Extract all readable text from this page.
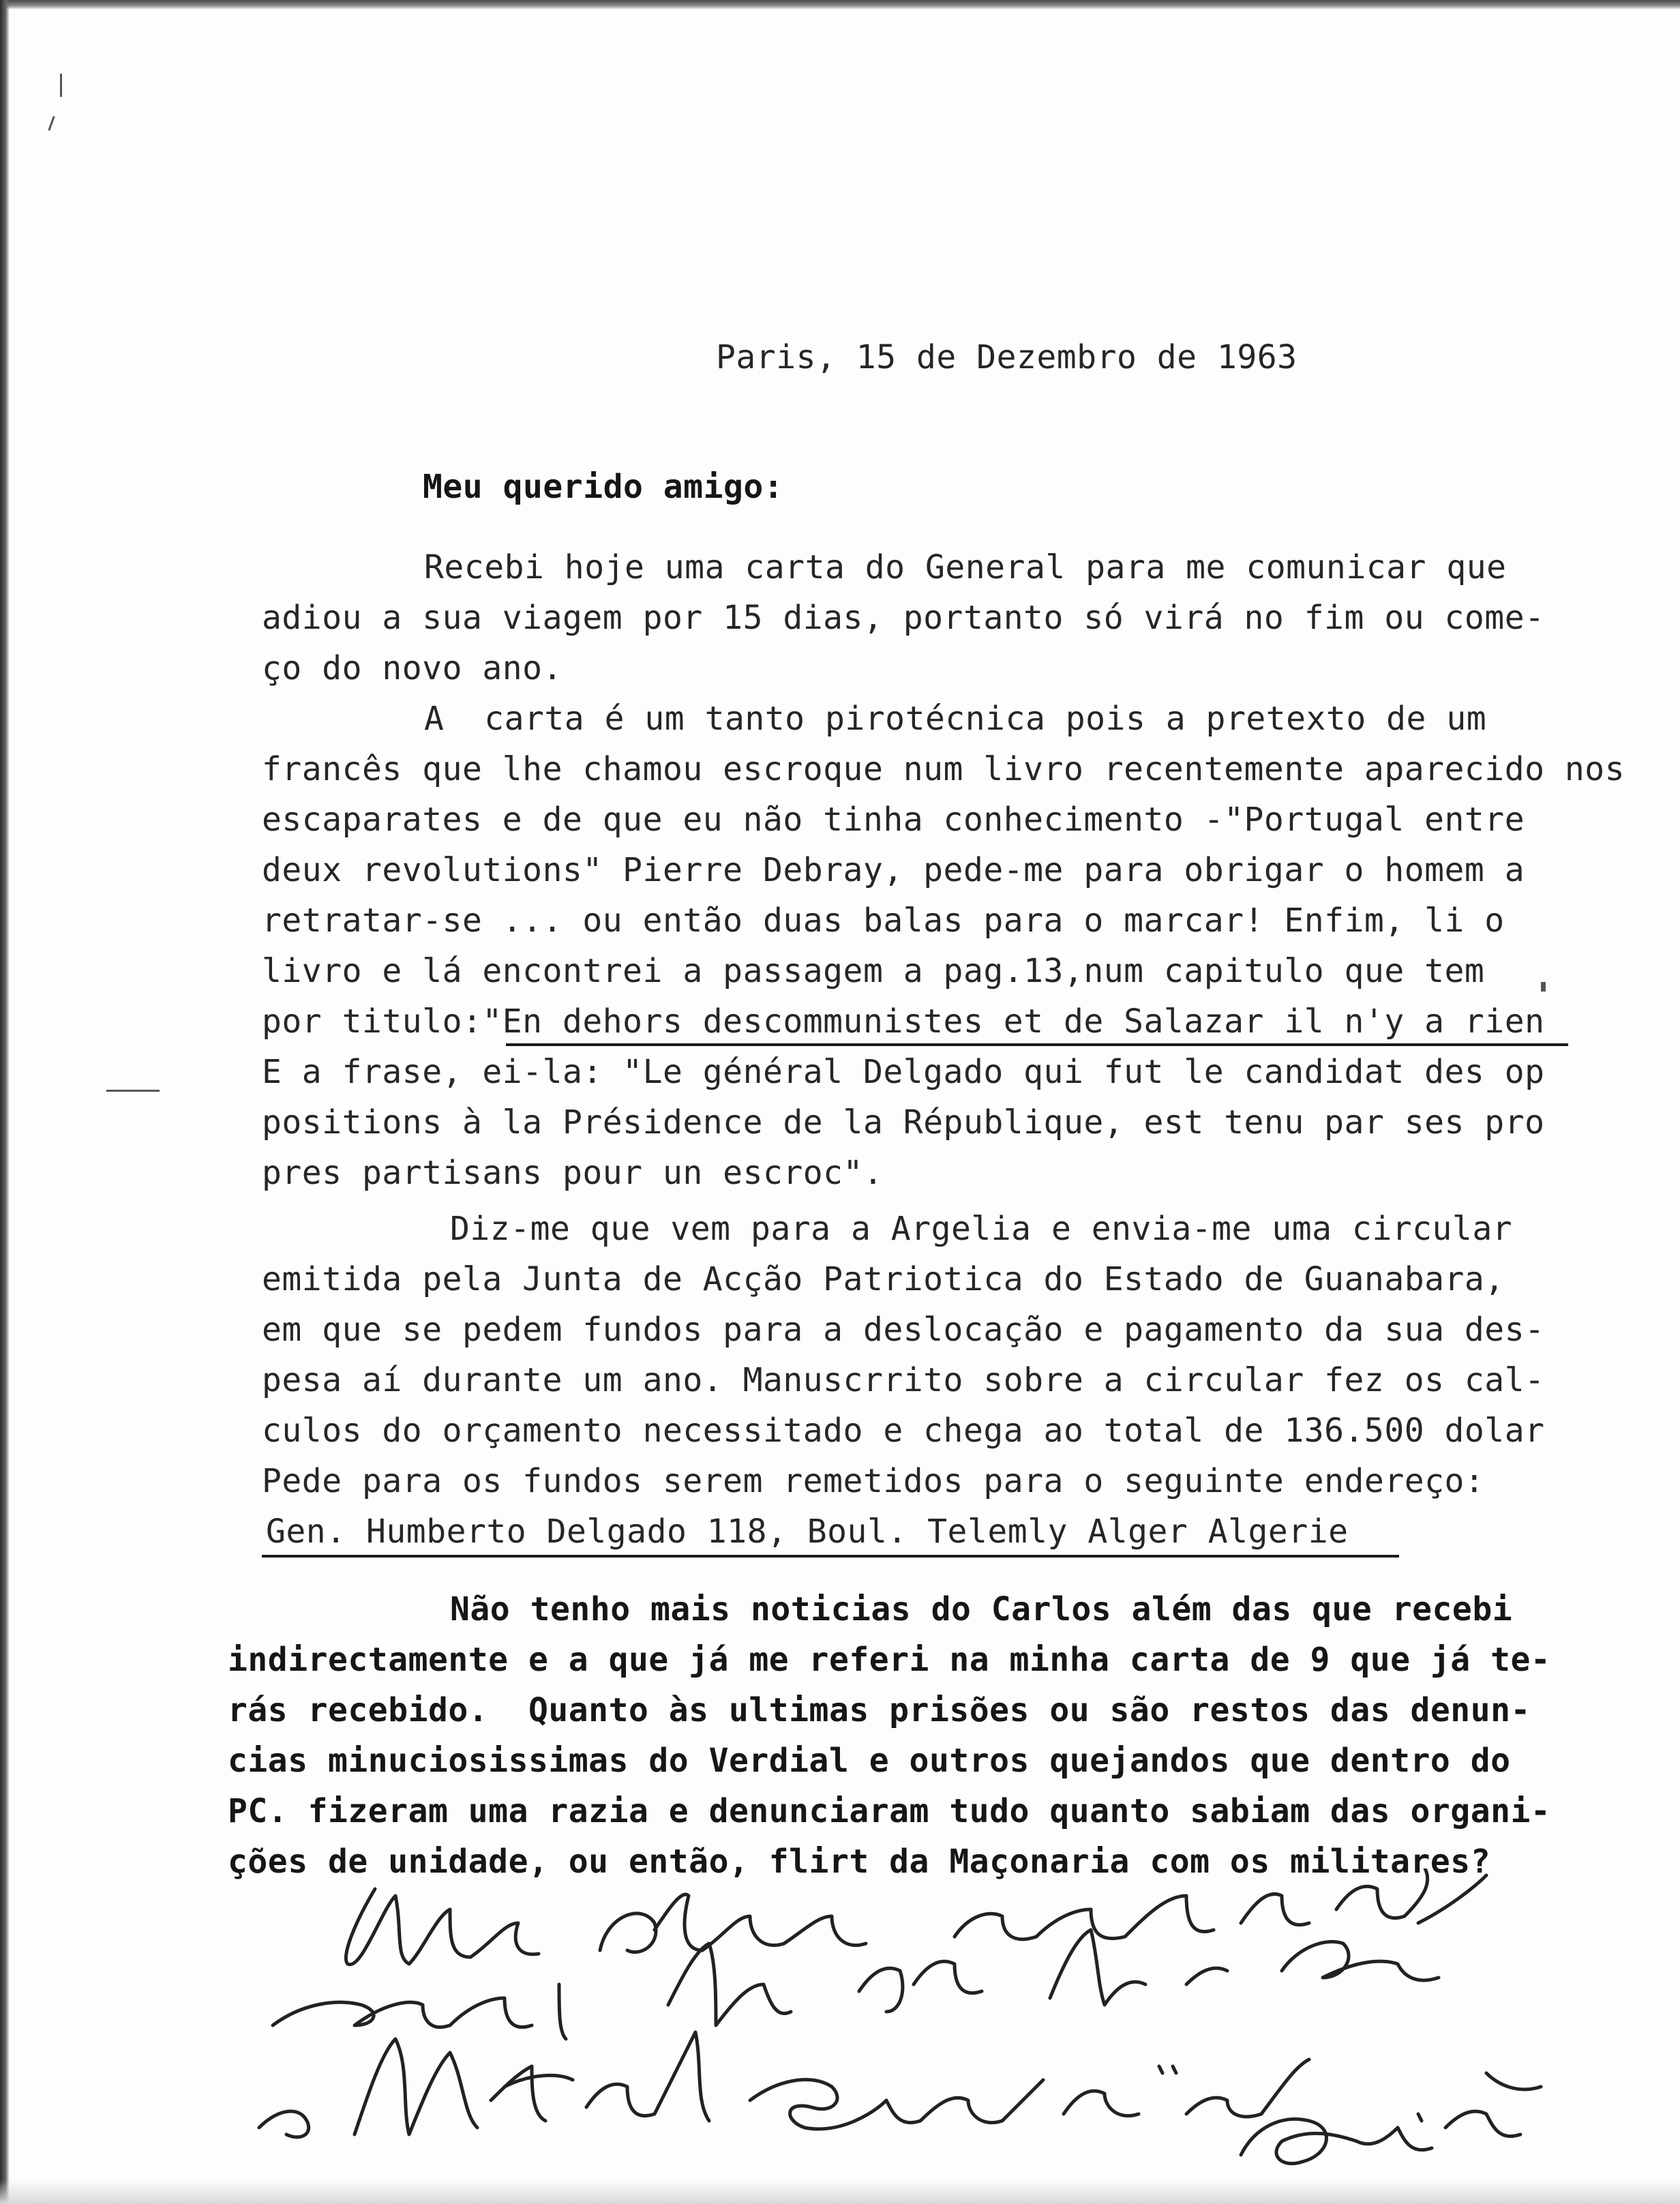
Paris, 15 de Dezembro de 1963
Meu querido amigo:
Recebi hoje uma carta do General para me comunicar que
adiou a sua viagem por 15 dias, portanto só virá no fim ou come-
ço do novo ano.
A  carta é um tanto pirotécnica pois a pretexto de um
francês que lhe chamou escroque num livro recentemente aparecido nos
escaparates e de que eu não tinha conhecimento -"Portugal entre
deux revolutions" Pierre Debray, pede-me para obrigar o homem a
retratar-se ... ou então duas balas para o marcar! Enfim, li o
livro e lá encontrei a passagem a pag.13,num capitulo que tem
por titulo:"En dehors descommunistes et de Salazar il n'y a rien
E a frase, ei-la: "Le général Delgado qui fut le candidat des op
positions à la Présidence de la République, est tenu par ses pro
pres partisans pour un escroc".
Diz-me que vem para a Argelia e envia-me uma circular
emitida pela Junta de Acção Patriotica do Estado de Guanabara,
em que se pedem fundos para a deslocação e pagamento da sua des-
pesa aí durante um ano. Manuscrrito sobre a circular fez os cal-
culos do orçamento necessitado e chega ao total de 136.500 dolar
Pede para os fundos serem remetidos para o seguinte endereço:
Gen. Humberto Delgado 118, Boul. Telemly Alger Algerie
Não tenho mais noticias do Carlos além das que recebi
indirectamente e a que já me referi na minha carta de 9 que já te-
rás recebido.  Quanto às ultimas prisões ou são restos das denun-
cias minuciosissimas do Verdial e outros quejandos que dentro do
PC. fizeram uma razia e denunciaram tudo quanto sabiam das organi-
ções de unidade, ou então, flirt da Maçonaria com os militares?
